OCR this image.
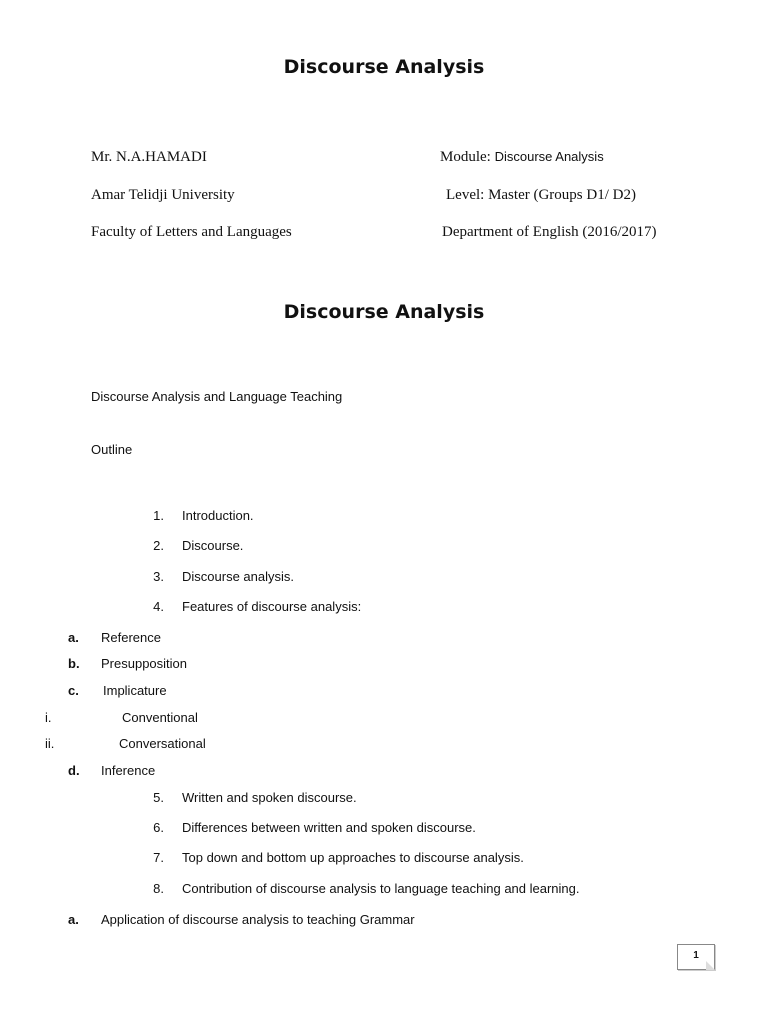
Discourse Analysis
Mr. N.A.HAMADI	Module: Discourse Analysis
Amar Telidji University	Level: Master (Groups D1/ D2)
Faculty of Letters and Languages	Department of English (2016/2017)
Discourse Analysis
Discourse Analysis and Language Teaching
Outline
1. Introduction.
2. Discourse.
3. Discourse analysis.
4. Features of discourse analysis:
a. Reference
b. Presupposition
c. Implicature
i.	Conventional
ii.	Conversational
d. Inference
5. Written and spoken discourse.
6. Differences between written and spoken discourse.
7. Top down and bottom up approaches to discourse analysis.
8. Contribution of discourse analysis to language teaching and learning.
a. Application of discourse analysis to teaching Grammar
1
